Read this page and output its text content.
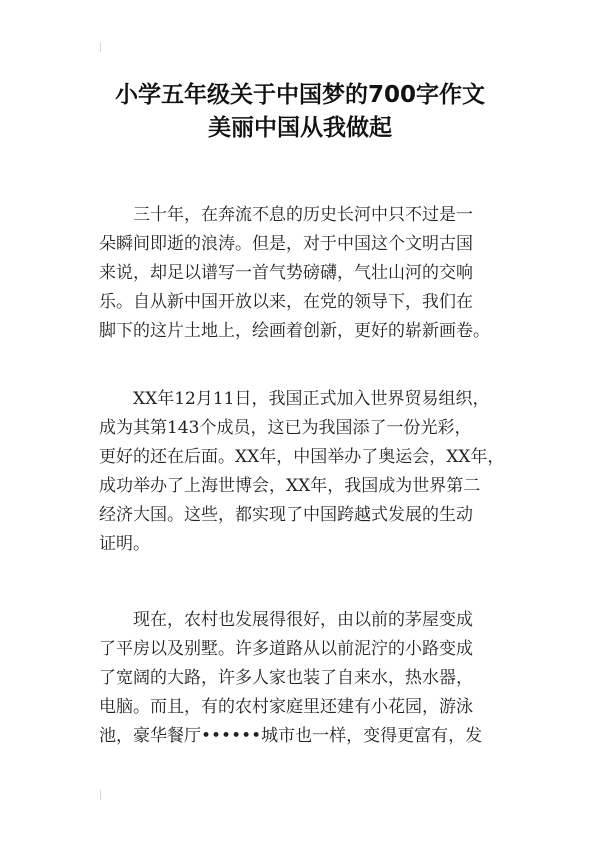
小学五年级关于中国梦的700字作文
美丽中国从我做起
三十年，在奔流不息的历史长河中只不过是一
朵瞬间即逝的浪涛。但是，对于中国这个文明古国
来说，却足以谱写一首气势磅礴，气壮山河的交响
乐。自从新中国开放以来，在党的领导下，我们在
脚下的这片土地上，绘画着创新，更好的崭新画卷。
XX年12月11日，我国正式加入世界贸易组织，
成为其第143个成员，这已为我国添了一份光彩，
更好的还在后面。XX年，中国举办了奥运会，XX年，
成功举办了上海世博会，XX年，我国成为世界第二
经济大国。这些，都实现了中国跨越式发展的生动
证明。
现在，农村也发展得很好，由以前的茅屋变成
了平房以及别墅。许多道路从以前泥泞的小路变成
了宽阔的大路，许多人家也装了自来水，热水器，
电脑。而且，有的农村家庭里还建有小花园，游泳
池，豪华餐厅••••••城市也一样，变得更富有，发
